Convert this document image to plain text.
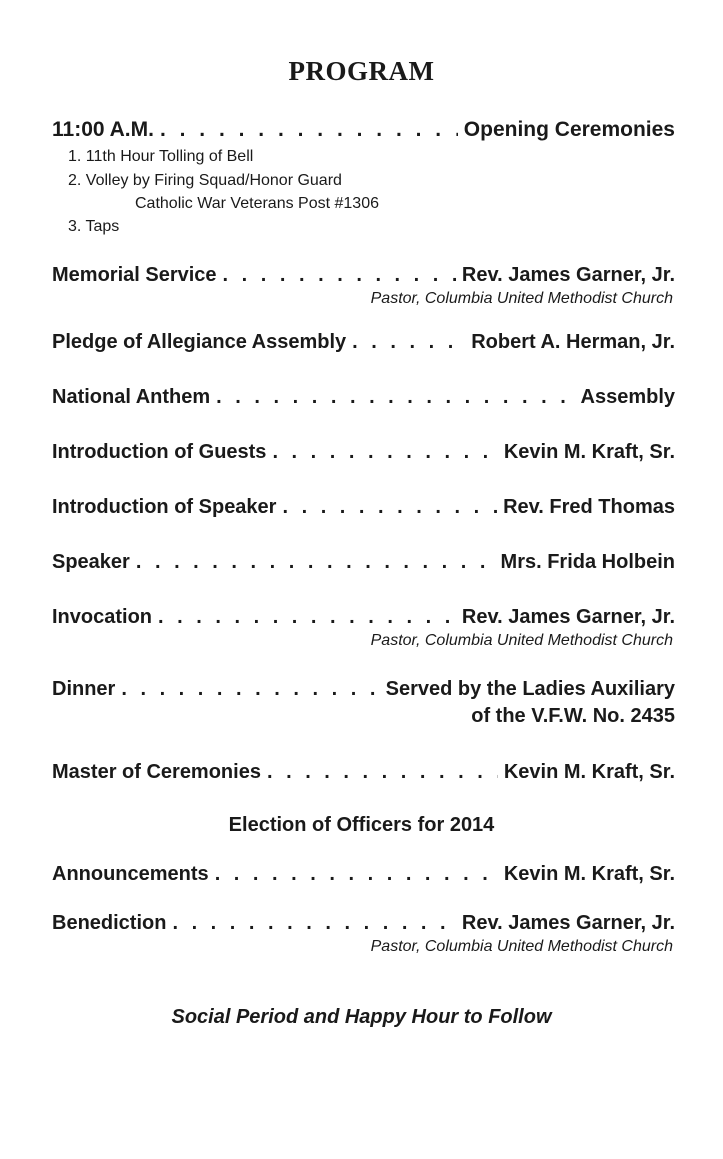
PROGRAM
11:00 A.M. . . .	Opening Ceremonies
1. 11th Hour Tolling of Bell
2. Volley by Firing Squad/Honor Guard
Catholic War Veterans Post #1306
3. Taps
Memorial Service . . .	Rev. James Garner, Jr.
Pastor, Columbia United Methodist Church
Pledge of Allegiance Assembly . . .	Robert A. Herman, Jr.
National Anthem . . .	Assembly
Introduction of Guests . . .	Kevin M. Kraft, Sr.
Introduction of Speaker . . .	Rev. Fred Thomas
Speaker . . .	Mrs. Frida Holbein
Invocation . . .	Rev. James Garner, Jr.
Pastor, Columbia United Methodist Church
Dinner . . .	Served by the Ladies Auxiliary
of the V.F.W. No. 2435
Master of Ceremonies . . .	Kevin M. Kraft, Sr.
Election of Officers for 2014
Announcements . . .	Kevin M. Kraft, Sr.
Benediction . . .	Rev. James Garner, Jr.
Pastor, Columbia United Methodist Church
Social Period and Happy Hour to Follow
